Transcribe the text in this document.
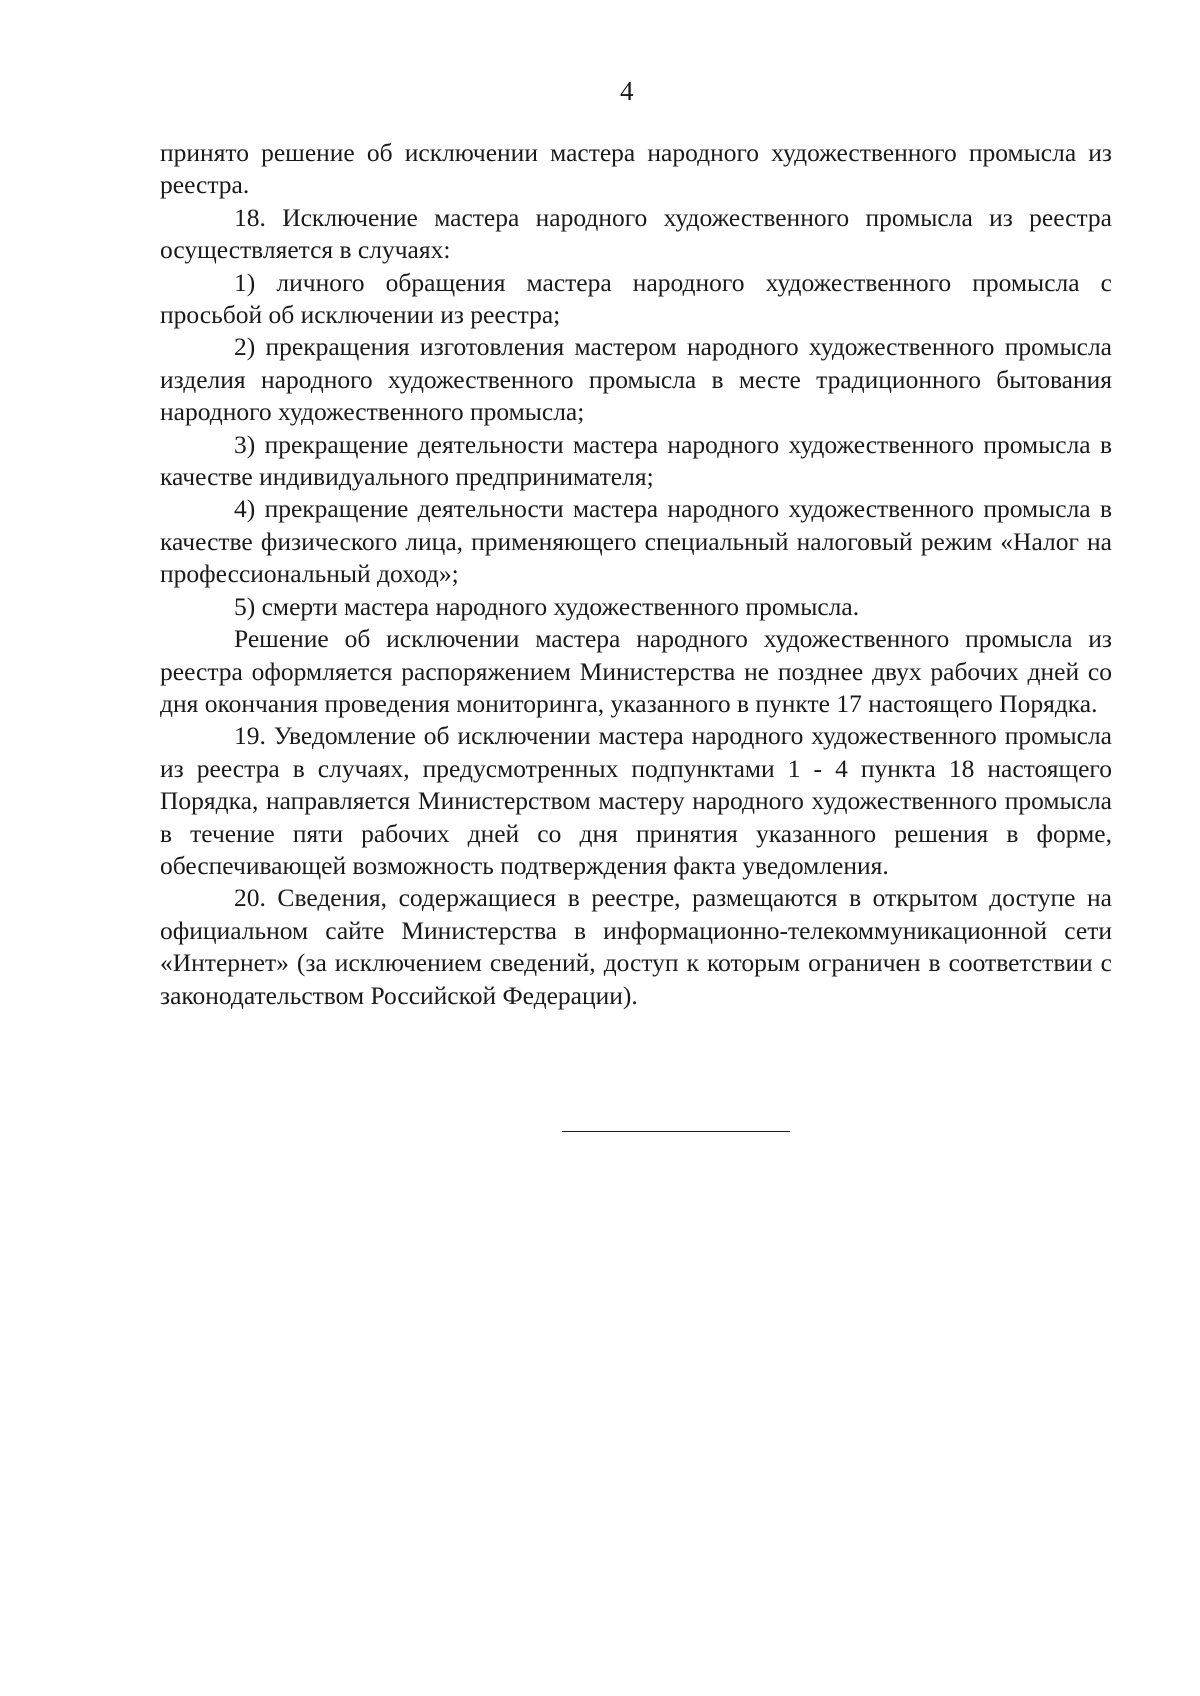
4

принято решение об исключении мастера народного художественного промысла из реестра.

18. Исключение мастера народного художественного промысла из реестра осуществляется в случаях:

1) личного обращения мастера народного художественного промысла с просьбой об исключении из реестра;

2) прекращения изготовления мастером народного художественного промысла изделия народного художественного промысла в месте традиционного бытования народного художественного промысла;

3) прекращение деятельности мастера народного художественного промысла в качестве индивидуального предпринимателя;

4) прекращение деятельности мастера народного художественного промысла в качестве физического лица, применяющего специальный налоговый режим «Налог на профессиональный доход»;

5) смерти мастера народного художественного промысла.

Решение об исключении мастера народного художественного промысла из реестра оформляется распоряжением Министерства не позднее двух рабочих дней со дня окончания проведения мониторинга, указанного в пункте 17 настоящего Порядка.

19. Уведомление об исключении мастера народного художественного промысла из реестра в случаях, предусмотренных подпунктами 1 - 4 пункта 18 настоящего Порядка, направляется Министерством мастеру народного художественного промысла в течение пяти рабочих дней со дня принятия указанного решения в форме, обеспечивающей возможность подтверждения факта уведомления.

20. Сведения, содержащиеся в реестре, размещаются в открытом доступе на официальном сайте Министерства в информационно-телекоммуникационной сети «Интернет» (за исключением сведений, доступ к которым ограничен в соответствии с законодательством Российской Федерации).
